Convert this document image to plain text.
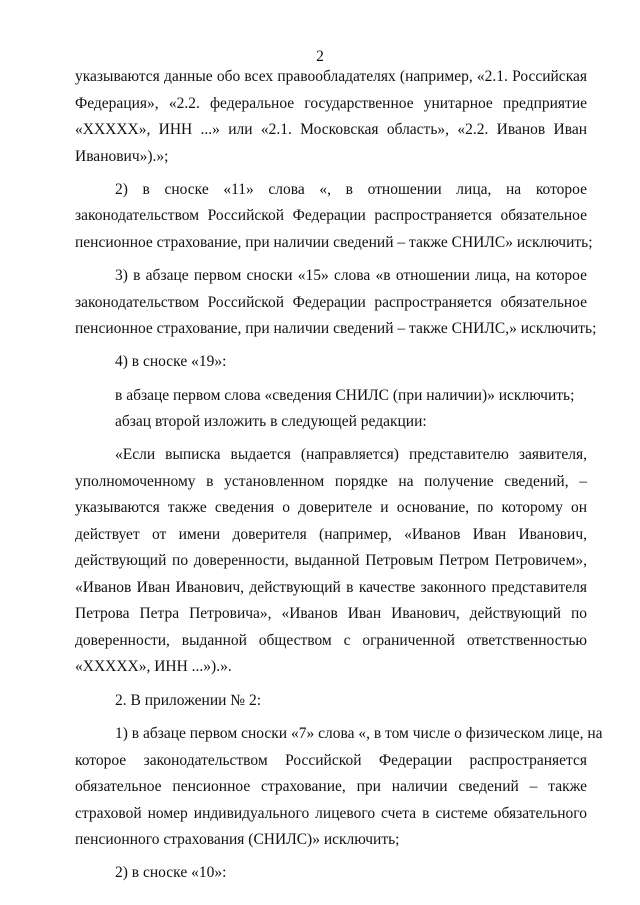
2
указываются данные обо всех правообладателях (например, «2.1. Российская
Федерация», «2.2. федеральное государственное унитарное предприятие
«ХХХХХ», ИНН ...» или «2.1. Московская область», «2.2. Иванов Иван
Иванович»).»;
2) в сноске «11» слова «, в отношении лица, на которое
законодательством Российской Федерации распространяется обязательное
пенсионное страхование, при наличии сведений – также СНИЛС» исключить;
3) в абзаце первом сноски «15» слова «в отношении лица, на которое
законодательством Российской Федерации распространяется обязательное
пенсионное страхование, при наличии сведений – также СНИЛС,» исключить;
4) в сноске «19»:
в абзаце первом слова «сведения СНИЛС (при наличии)» исключить;
абзац второй изложить в следующей редакции:
«Если выписка выдается (направляется) представителю заявителя,
уполномоченному в установленном порядке на получение сведений, –
указываются также сведения о доверителе и основание, по которому он
действует от имени доверителя (например, «Иванов Иван Иванович,
действующий по доверенности, выданной Петровым Петром Петровичем»,
«Иванов Иван Иванович, действующий в качестве законного представителя
Петрова Петра Петровича», «Иванов Иван Иванович, действующий по
доверенности, выданной обществом с ограниченной ответственностью
«ХХХХХ», ИНН ...»).».
2. В приложении № 2:
1) в абзаце первом сноски «7» слова «, в том числе о физическом лице, на
которое законодательством Российской Федерации распространяется
обязательное пенсионное страхование, при наличии сведений – также
страховой номер индивидуального лицевого счета в системе обязательного
пенсионного страхования (СНИЛС)» исключить;
2) в сноске «10»:
